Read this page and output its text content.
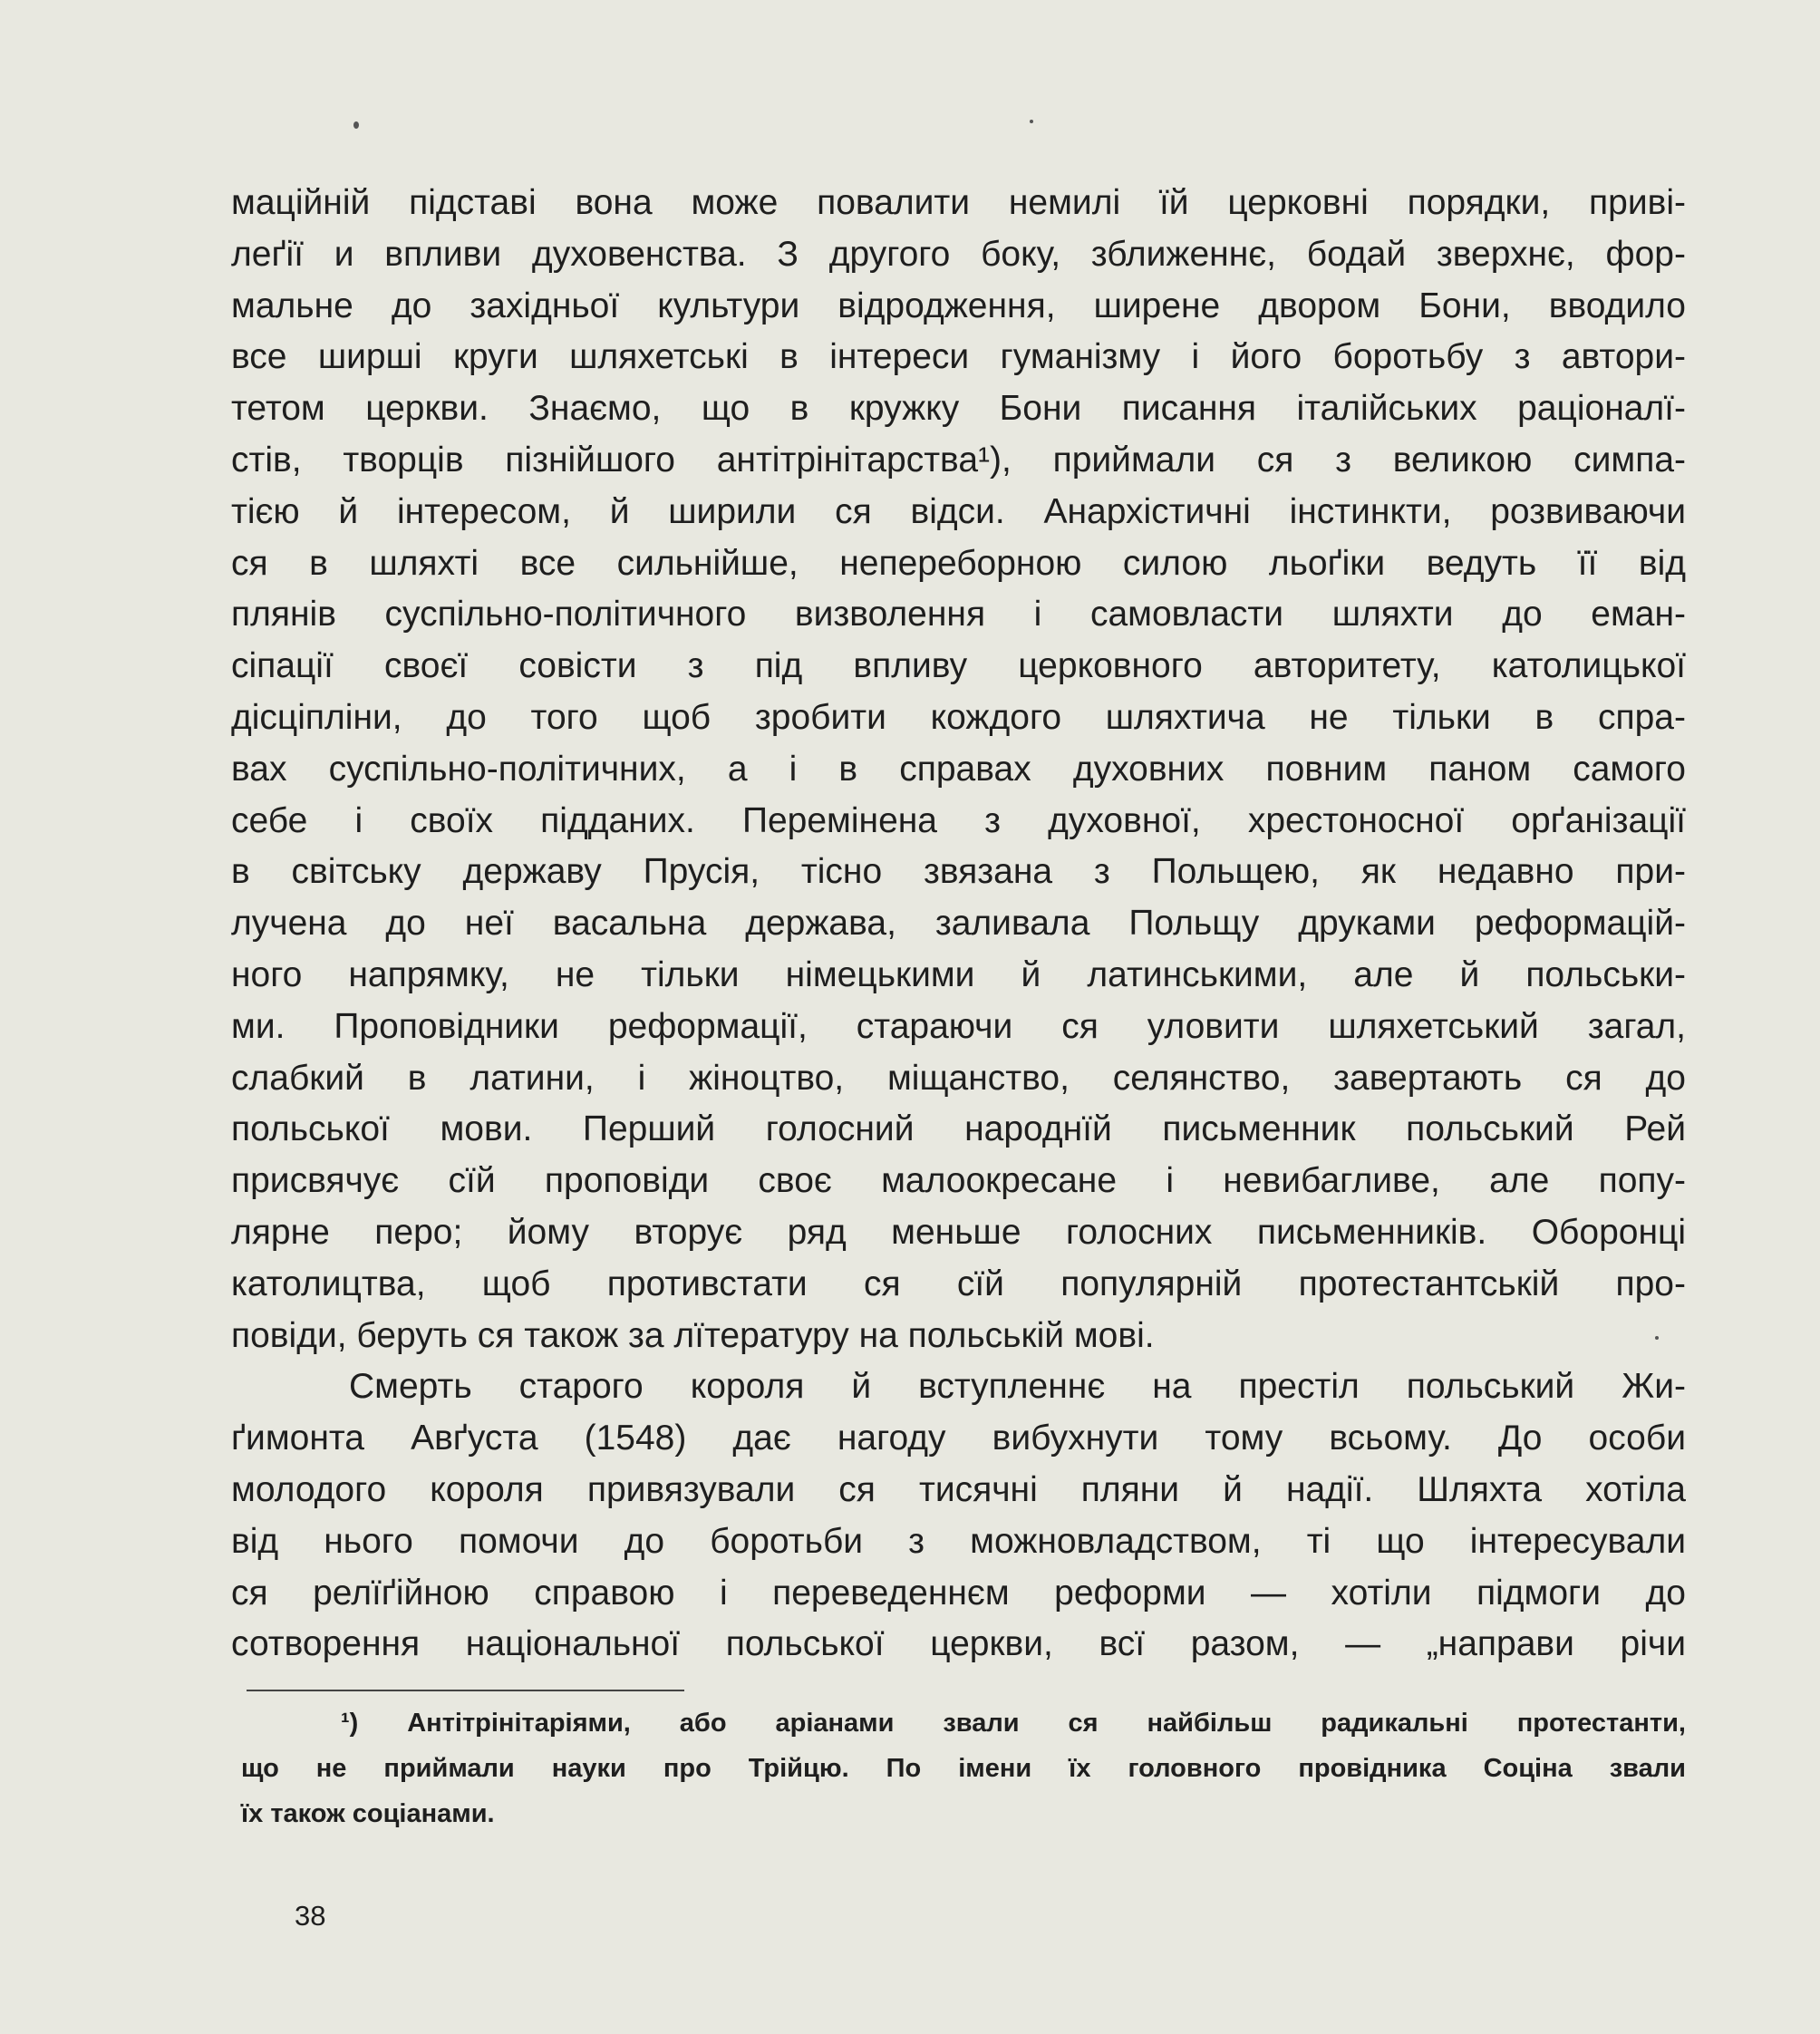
маційній підставі вона може повалити немилі їй церковні порядки, приві-
леґії и впливи духовенства. З другого боку, зближеннє, бодай зверхнє, фор-
мальне до західньої культури відродження, ширене двором Бони, вводило
все ширші круги шляхетські в інтереси гуманізму і його боротьбу з автори-
тетом церкви. Знаємо, що в кружку Бони писання італійських раціоналї-
стів, творців пізнійшого антітрінітарства¹), приймали ся з великою симпа-
тією й інтересом, й ширили ся відси. Анархістичні інстинкти, розвиваючи
ся в шляхті все сильнійше, непереборною силою льоґіки ведуть її від
плянів суспільно-політичного визволення і самовласти шляхти до еман-
сіпації своєї совісти з під впливу церковного авторитету, католицької
дісціпліни, до того щоб зробити кождого шляхтича не тільки в спра-
вах суспільно-політичних, а і в справах духовних повним паном самого
себе і своїх підданих. Перемінена з духовної, хрестоносної орґанізації
в світську державу Прусія, тісно звязана з Польщею, як недавно при-
лучена до неї васальна держава, заливала Польщу друками реформацій-
ного напрямку, не тільки німецькими й латинськими, але й польськи-
ми. Проповідники реформації, стараючи ся уловити шляхетський загал,
слабкий в латини, і жіноцтво, міщанство, селянство, завертають ся до
польської мови. Перший голосний народнїй письменник польський Рей
присвячує сїй проповіди своє малоокресане і невибагливе, але попу-
лярне перо; йому вторує ряд меньше голосних письменників. Оборонці
католицтва, щоб противстати ся сїй популярній протестантській про-
повіди, беруть ся також за лїтературу на польській мові.
Смерть старого короля й вступленнє на престіл польський Жи-
ґимонта Авґуста (1548) дає нагоду вибухнути тому всьому. До особи
молодого короля привязували ся тисячні пляни й надії. Шляхта хотіла
від нього помочи до боротьби з можновладством, ті що інтересували
ся релїґійною справою і переведеннєм реформи — хотіли підмоги до
сотворення національної польської церкви, всї разом, — „направи річи
¹) Антітрінітаріями, або аріанами звали ся найбільш радикальні протестанти,
що не приймали науки про Трійцю. По імени їх головного провідника Соціна звали
їх також соціанами.
38
